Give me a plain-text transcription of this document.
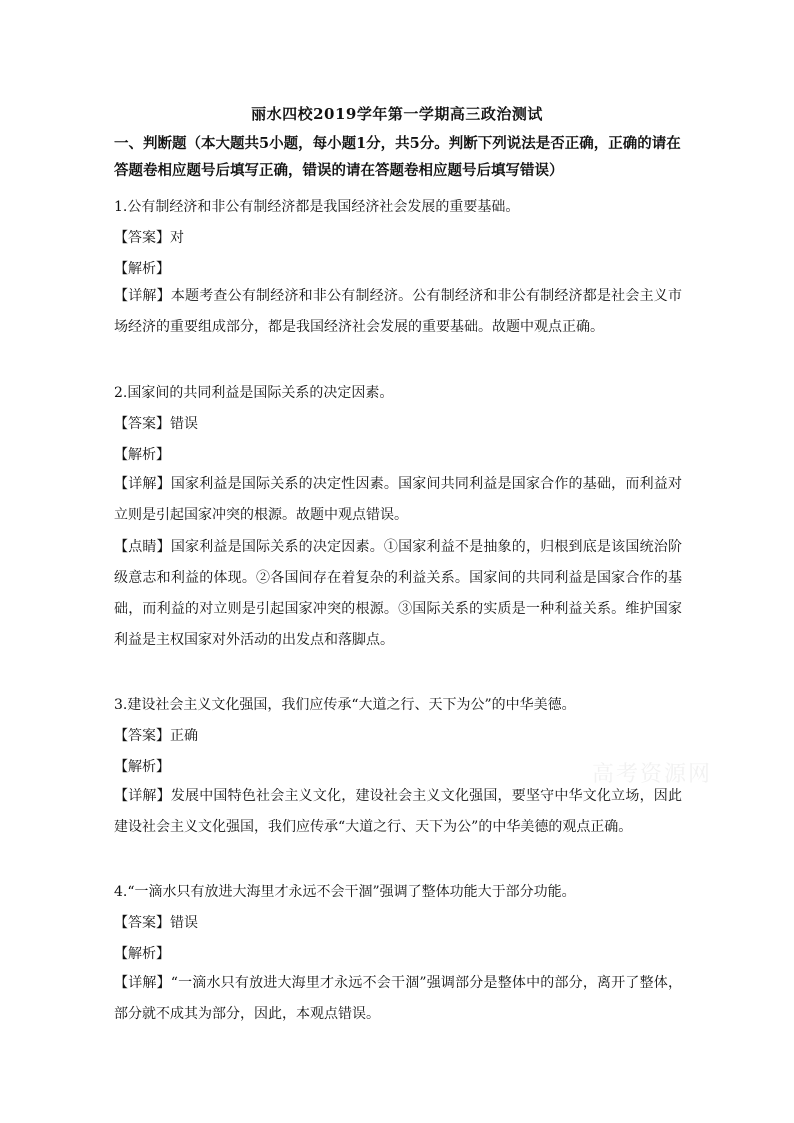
高考资源网
丽水四校2019学年第一学期高三政治测试
一、判断题（本大题共5小题，每小题1分，共5分。判断下列说法是否正确，正确的请在答题卷相应题号后填写正确，错误的请在答题卷相应题号后填写错误）
1.公有制经济和非公有制经济都是我国经济社会发展的重要基础。
【答案】对
【解析】
【详解】本题考查公有制经济和非公有制经济。公有制经济和非公有制经济都是社会主义市场经济的重要组成部分，都是我国经济社会发展的重要基础。故题中观点正确。
2.国家间的共同利益是国际关系的决定因素。
【答案】错误
【解析】
【详解】国家利益是国际关系的决定性因素。国家间共同利益是国家合作的基础，而利益对立则是引起国家冲突的根源。故题中观点错误。
【点睛】国家利益是国际关系的决定因素。①国家利益不是抽象的，归根到底是该国统治阶级意志和利益的体现。②各国间存在着复杂的利益关系。国家间的共同利益是国家合作的基础，而利益的对立则是引起国家冲突的根源。③国际关系的实质是一种利益关系。维护国家利益是主权国家对外活动的出发点和落脚点。
3.建设社会主义文化强国，我们应传承“大道之行、天下为公”的中华美德。
【答案】正确
【解析】
【详解】发展中国特色社会主义文化，建设社会主义文化强国，要坚守中华文化立场，因此建设社会主义文化强国，我们应传承“大道之行、天下为公”的中华美德的观点正确。
4.“一滴水只有放进大海里才永远不会干涸”强调了整体功能大于部分功能。
【答案】错误
【解析】
【详解】“一滴水只有放进大海里才永远不会干涸”强调部分是整体中的部分，离开了整体，部分就不成其为部分，因此，本观点错误。
